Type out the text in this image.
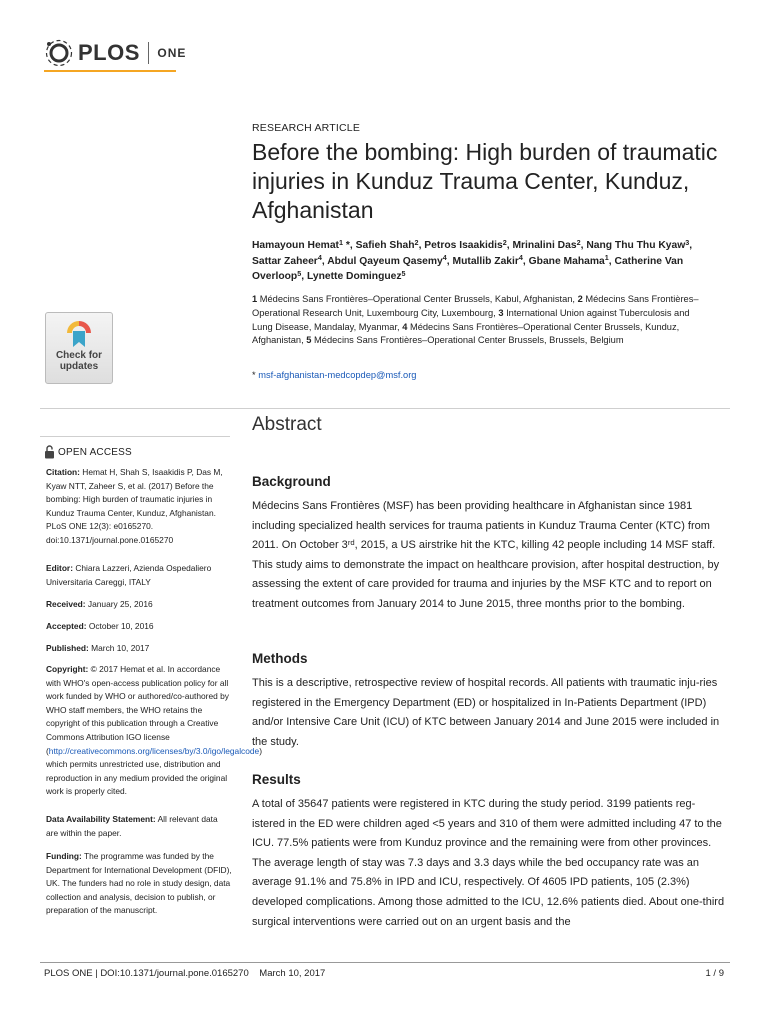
PLOS ONE
RESEARCH ARTICLE
Before the bombing: High burden of traumatic injuries in Kunduz Trauma Center, Kunduz, Afghanistan
Hamayoun Hemat$^1$ *, Safieh Shah$^2$, Petros Isaakidis$^2$, Mrinalini Das$^2$, Nang Thu Thu Kyaw$^3$, Sattar Zaheer$^4$, Abdul Qayeum Qasemy$^4$, Mutallib Zakir$^4$, Gbane Mahama$^1$, Catherine Van Overloop$^5$, Lynette Dominguez$^5$
1 Médecins Sans Frontières–Operational Center Brussels, Kabul, Afghanistan, 2 Médecins Sans Frontières–Operational Research Unit, Luxembourg City, Luxembourg, 3 International Union against Tuberculosis and Lung Disease, Mandalay, Myanmar, 4 Médecins Sans Frontières–Operational Center Brussels, Kunduz, Afghanistan, 5 Médecins Sans Frontières–Operational Center Brussels, Brussels, Belgium
* msf-afghanistan-medcopdep@msf.org
Check for
updates
Abstract
Background
Médecins Sans Frontières (MSF) has been providing healthcare in Afghanistan since 1981 including specialized health services for trauma patients in Kunduz Trauma Center (KTC) from 2011. On October 3rd, 2015, a US airstrike hit the KTC, killing 42 people including 14 MSF staff. This study aims to demonstrate the impact on healthcare provision, after hospital destruction, by assessing the extent of care provided for trauma and injuries by the MSF KTC and to report on treatment outcomes from January 2014 to June 2015, three months prior to the bombing.
Methods
This is a descriptive, retrospective review of hospital records. All patients with traumatic inju-ries registered in the Emergency Department (ED) or hospitalized in In-Patients Department (IPD) and/or Intensive Care Unit (ICU) of KTC between January 2014 and June 2015 were included in the study.
Results
A total of 35647 patients were registered in KTC during the study period. 3199 patients reg-istered in the ED were children aged <5 years and 310 of them were admitted including 47 to the ICU. 77.5% patients were from Kunduz province and the remaining were from other provinces. The average length of stay was 7.3 days and 3.3 days while the bed occupancy rate was an average 91.1% and 75.8% in IPD and ICU, respectively. Of 4605 IPD patients, 105 (2.3%) developed complications. Among those admitted to the ICU, 12.6% patients died. About one-third surgical interventions were carried out on an urgent basis and the
OPEN ACCESS
Citation: Hemat H, Shah S, Isaakidis P, Das M, Kyaw NTT, Zaheer S, et al. (2017) Before the bombing: High burden of traumatic injuries in Kunduz Trauma Center, Kunduz, Afghanistan. PLoS ONE 12(3): e0165270. doi:10.1371/journal.pone.0165270
Editor: Chiara Lazzeri, Azienda Ospedaliero Universitaria Careggi, ITALY
Received: January 25, 2016
Accepted: October 10, 2016
Published: March 10, 2017
Copyright: © 2017 Hemat et al. In accordance with WHO's open-access publication policy for all work funded by WHO or authored/co-authored by WHO staff members, the WHO retains the copyright of this publication through a Creative Commons Attribution IGO license (http://creativecommons.org/licenses/by/3.0/igo/legalcode) which permits unrestricted use, distribution and reproduction in any medium provided the original work is properly cited.
Data Availability Statement: All relevant data are within the paper.
Funding: The programme was funded by the Department for International Development (DFID), UK. The funders had no role in study design, data collection and analysis, decision to publish, or preparation of the manuscript.
PLOS ONE | DOI:10.1371/journal.pone.0165270    March 10, 2017	1 / 9
